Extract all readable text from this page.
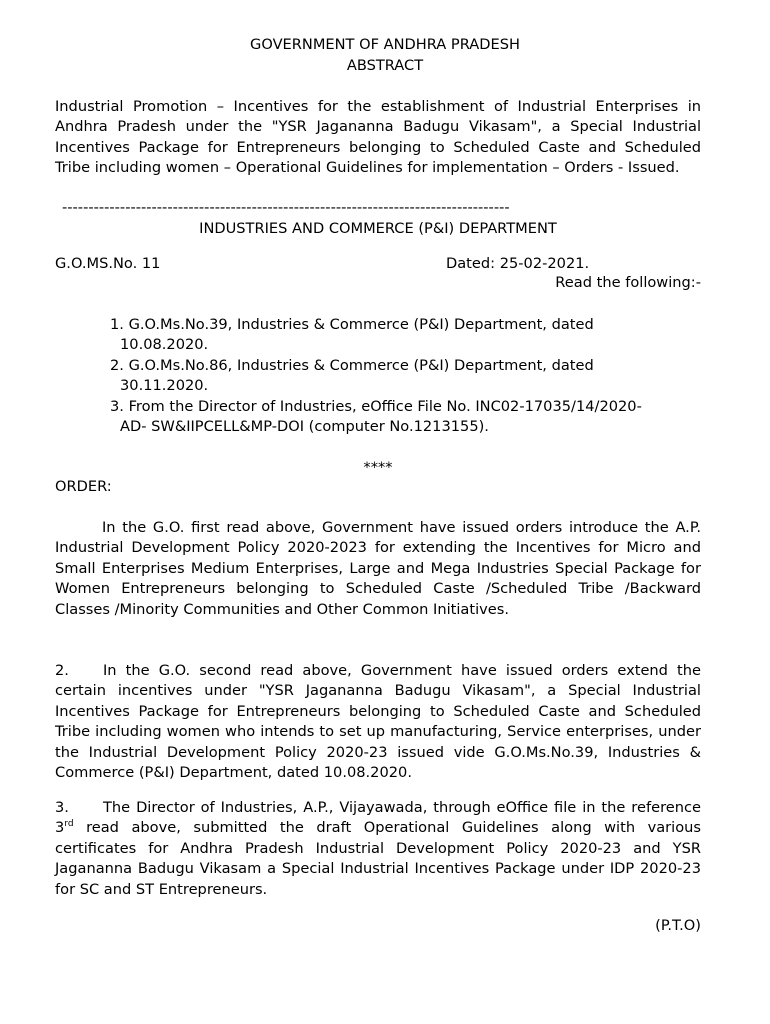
GOVERNMENT OF ANDHRA PRADESH
ABSTRACT
Industrial Promotion – Incentives for the establishment of Industrial Enterprises in Andhra Pradesh under the "YSR Jagananna Badugu Vikasam", a Special Industrial Incentives Package for Entrepreneurs belonging to Scheduled Caste and Scheduled Tribe including women – Operational Guidelines for implementation – Orders - Issued.
-------------------------------------------------------------------------------------
INDUSTRIES AND COMMERCE (P&I) DEPARTMENT
G.O.MS.No. 11	Dated: 25-02-2021.
Read the following:-
1. G.O.Ms.No.39, Industries & Commerce (P&I) Department, dated
10.08.2020.
2. G.O.Ms.No.86, Industries & Commerce (P&I) Department, dated
30.11.2020.
3. From the Director of Industries, eOffice File No. INC02-17035/14/2020-
AD- SW&IIPCELL&MP-DOI (computer No.1213155).
****
ORDER:
In the G.O. first read above, Government have issued orders introduce the A.P. Industrial Development Policy 2020-2023 for extending the Incentives for Micro and Small Enterprises Medium Enterprises, Large and Mega Industries Special Package for Women Entrepreneurs belonging to Scheduled Caste /Scheduled Tribe /Backward Classes /Minority Communities and Other Common Initiatives.
2. In the G.O. second read above, Government have issued orders extend the certain incentives under "YSR Jagananna Badugu Vikasam", a Special Industrial Incentives Package for Entrepreneurs belonging to Scheduled Caste and Scheduled Tribe including women who intends to set up manufacturing, Service enterprises, under the Industrial Development Policy 2020-23 issued vide G.O.Ms.No.39, Industries & Commerce (P&I) Department, dated 10.08.2020.
3. The Director of Industries, A.P., Vijayawada, through eOffice file in the reference 3rd read above, submitted the draft Operational Guidelines along with various certificates for Andhra Pradesh Industrial Development Policy 2020-23 and YSR Jagananna Badugu Vikasam a Special Industrial Incentives Package under IDP 2020-23 for SC and ST Entrepreneurs.
(P.T.O)
